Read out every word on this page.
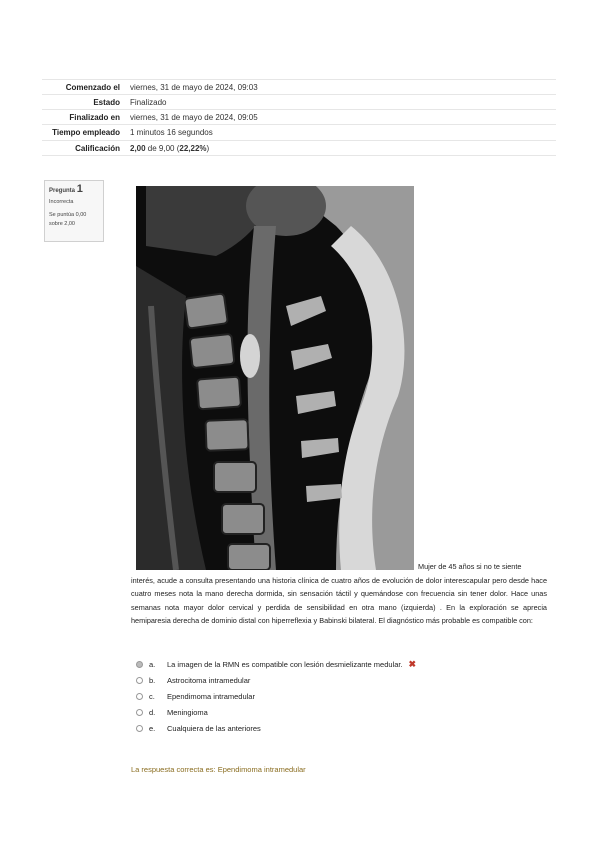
Comenzado el	viernes, 31 de mayo de 2024, 09:03
Estado	Finalizado
Finalizado en	viernes, 31 de mayo de 2024, 09:05
Tiempo empleado	1 minutos 16 segundos
Calificación	2,00 de 9,00 (22,22%)
Pregunta 1
Incorrecta
Se puntúa 0,00
sobre 2,00
Mujer de 45 años si no te siente
interés, acude a consulta presentando una historia clínica de cuatro años de evolución de dolor interescapular pero desde hace cuatro meses nota la mano derecha dormida, sin sensación táctil y quemándose con frecuencia sin tener dolor. Hace unas semanas nota mayor dolor cervical y perdida de sensibilidad en otra mano (izquierda) . En la exploración se aprecia hemiparesia derecha de dominio distal con hiperreflexia y Babinski bilateral. El diagnóstico más probable es compatible con:
a.	La imagen de la RMN es compatible con lesión desmielizante medular. ✖
b.	Astrocitoma intramedular
c.	Ependimoma intramedular
d.	Meningioma
e.	Cualquiera de las anteriores
La respuesta correcta es: Ependimoma intramedular
